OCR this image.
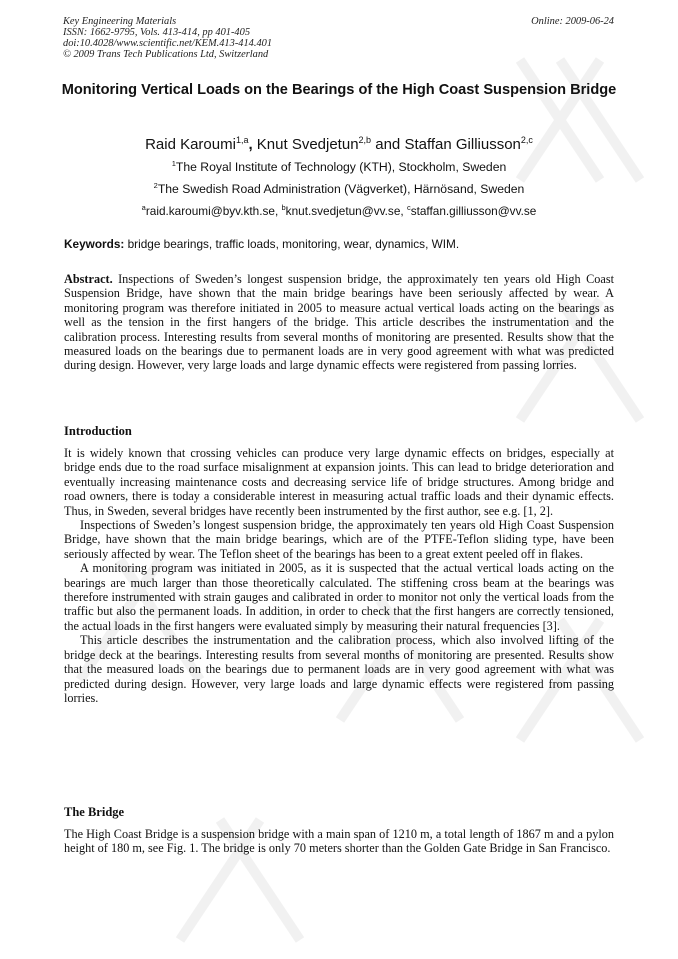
Key Engineering Materials
ISSN: 1662-9795, Vols. 413-414, pp 401-405
doi:10.4028/www.scientific.net/KEM.413-414.401
© 2009 Trans Tech Publications Ltd, Switzerland
Online: 2009-06-24
Monitoring Vertical Loads on the Bearings of the High Coast Suspension Bridge
Raid Karoumi$^{1,a}$, Knut Svedjetun$^{2,b}$ and Staffan Gilliusson$^{2,c}$
$^1$The Royal Institute of Technology (KTH), Stockholm, Sweden
$^2$The Swedish Road Administration (Vägverket), Härnösand, Sweden
$^a$raid.karoumi@byv.kth.se, $^b$knut.svedjetun@vv.se, $^c$staffan.gilliusson@vv.se
Keywords: bridge bearings, traffic loads, monitoring, wear, dynamics, WIM.
Abstract. Inspections of Sweden’s longest suspension bridge, the approximately ten years old High Coast Suspension Bridge, have shown that the main bridge bearings have been seriously affected by wear. A monitoring program was therefore initiated in 2005 to measure actual vertical loads acting on the bearings as well as the tension in the first hangers of the bridge. This article describes the instrumentation and the calibration process. Interesting results from several months of monitoring are presented. Results show that the measured loads on the bearings due to permanent loads are in very good agreement with what was predicted during design. However, very large loads and large dynamic effects were registered from passing lorries.
Introduction

It is widely known that crossing vehicles can produce very large dynamic effects on bridges, especially at bridge ends due to the road surface misalignment at expansion joints. This can lead to bridge deterioration and eventually increasing maintenance costs and decreasing service life of bridge structures. Among bridge and road owners, there is today a considerable interest in measuring actual traffic loads and their dynamic effects. Thus, in Sweden, several bridges have recently been instrumented by the first author, see e.g. [1, 2].

Inspections of Sweden’s longest suspension bridge, the approximately ten years old High Coast Suspension Bridge, have shown that the main bridge bearings, which are of the PTFE-Teflon sliding type, have been seriously affected by wear. The Teflon sheet of the bearings has been to a great extent peeled off in flakes.

A monitoring program was initiated in 2005, as it is suspected that the actual vertical loads acting on the bearings are much larger than those theoretically calculated. The stiffening cross beam at the bearings was therefore instrumented with strain gauges and calibrated in order to monitor not only the vertical loads from the traffic but also the permanent loads. In addition, in order to check that the first hangers are correctly tensioned, the actual loads in the first hangers were evaluated simply by measuring their natural frequencies [3].

This article describes the instrumentation and the calibration process, which also involved lifting of the bridge deck at the bearings. Interesting results from several months of monitoring are presented. Results show that the measured loads on the bearings due to permanent loads are in very good agreement with what was predicted during design. However, very large loads and large dynamic effects were registered from passing lorries.

The Bridge

The High Coast Bridge is a suspension bridge with a main span of 1210 m, a total length of 1867 m and a pylon height of 180 m, see Fig. 1. The bridge is only 70 meters shorter than the Golden Gate Bridge in San Francisco.
